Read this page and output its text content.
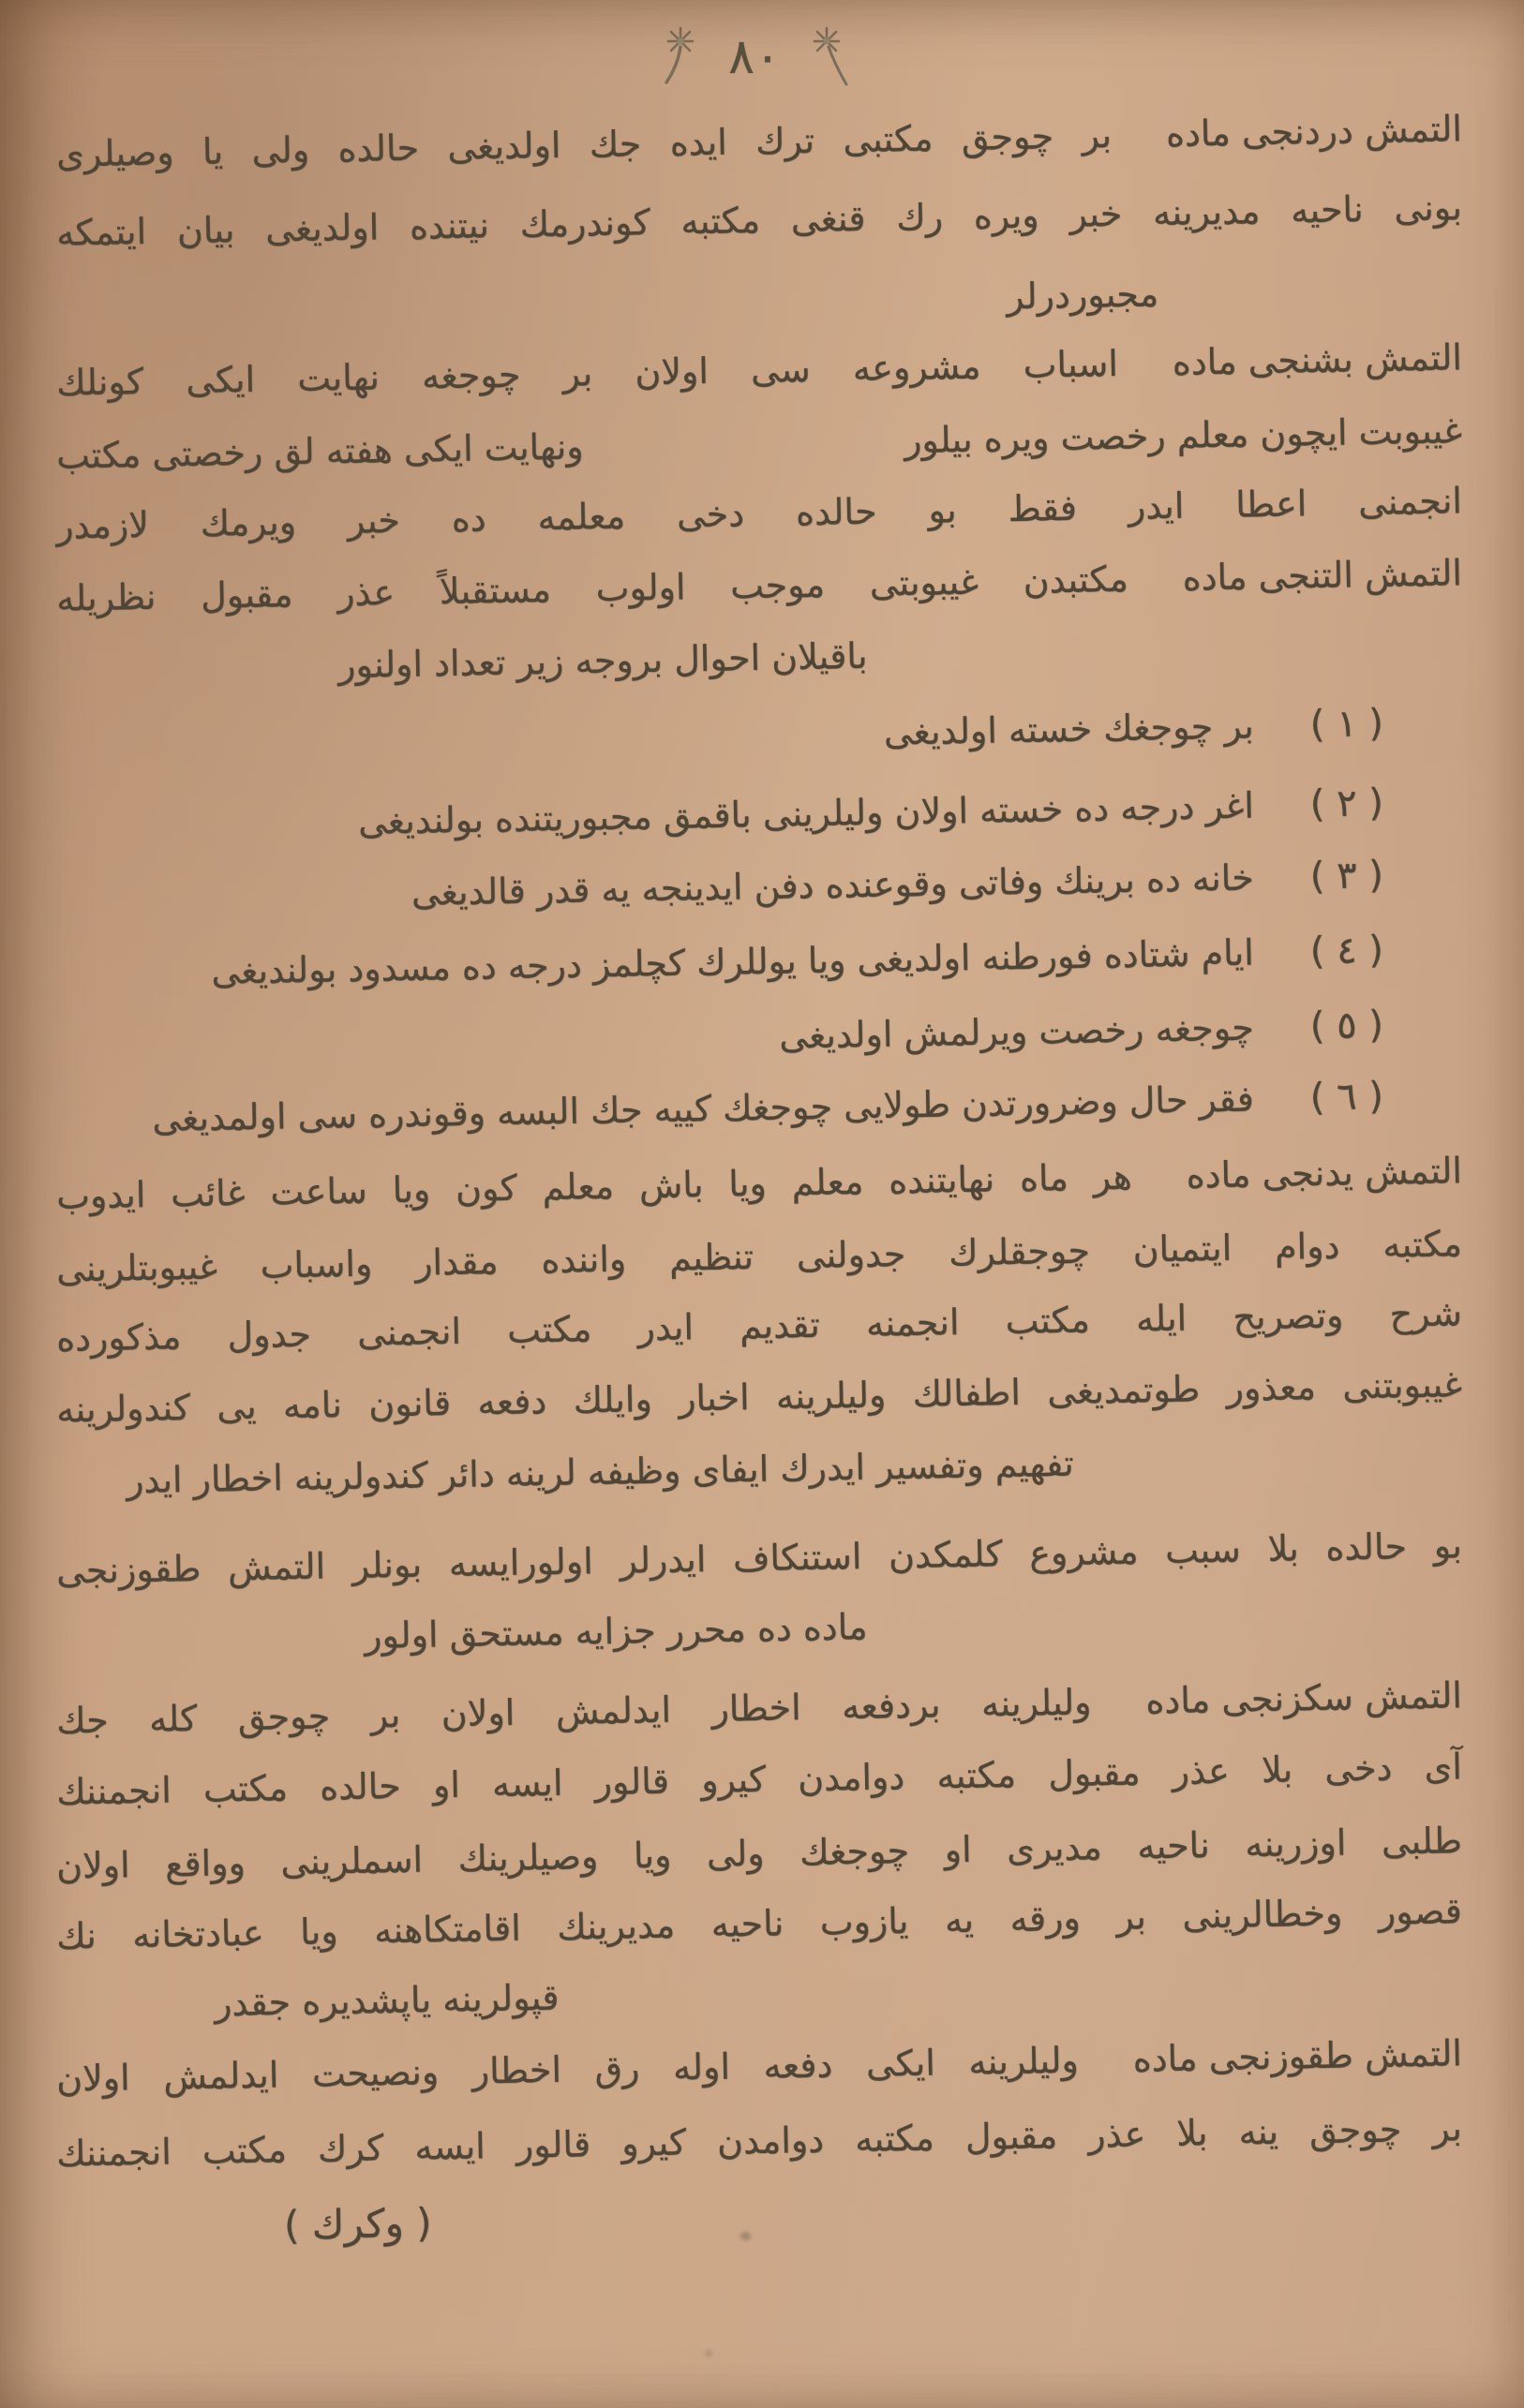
٨٠
التمش دردنجى ماده
بر چوجق مكتبى ترك ايده جك اولديغى حالده ولى يا وصيلرى
بونى ناحيه مديرينه خبر ويره رك قنغى مكتبه كوندرمك نيتنده اولديغى بيان ايتمكه
مجبوردرلر
التمش بشنجى ماده
اسباب مشروعه سى اولان بر چوجغه نهايت ايكى كونلك
غيبوبت ايچون معلم رخصت ويره بيلور
ونهايت ايكى هفته لق رخصتى مكتب
انجمنى اعطا ايدر فقط بو حالده دخى معلمه ده خبر ويرمك لازمدر
التمش التنجى ماده
مكتبدن غيبوبتى موجب اولوب مستقبلاً عذر مقبول نظريله
باقيلان احوال بروجه زير تعداد اولنور
( ١ )
بر چوجغك خسته اولديغى
( ٢ )
اغر درجه ده خسته اولان وليلرينى باقمق مجبوريتنده بولنديغى
( ٣ )
خانه ده برينك وفاتى وقوعنده دفن ايدينجه يه قدر قالديغى
( ٤ )
ايام شتاده فورطنه اولديغى ويا يوللرك كچلمز درجه ده مسدود بولنديغى
( ٥ )
چوجغه رخصت ويرلمش اولديغى
( ٦ )
فقر حال وضرورتدن طولايى چوجغك كييه جك البسه وقوندره سى اولمديغى
التمش يدنجى ماده
هر ماه نهايتنده معلم ويا باش معلم كون ويا ساعت غائب ايدوب
مكتبه دوام ايتميان چوجقلرك جدولنى تنظيم واننده مقدار واسباب غيبوبتلرينى
شرح وتصريح ايله مكتب انجمنه تقديم ايدر مكتب انجمنى جدول مذكورده
غيبوبتنى معذور طوتمديغى اطفالك وليلرينه اخبار وايلك دفعه قانون نامه يى كندولرينه
تفهيم وتفسير ايدرك ايفاى وظيفه لرينه دائر كندولرينه اخطار ايدر
بو حالده بلا سبب مشروع كلمكدن استنكاف ايدرلر اولورايسه بونلر التمش طقوزنجى
ماده ده محرر جزايه مستحق اولور
التمش سكزنجى ماده
وليلرينه بردفعه اخطار ايدلمش اولان بر چوجق كله جك
آى دخى بلا عذر مقبول مكتبه دوامدن كيرو قالور ايسه او حالده مكتب انجمننك
طلبى اوزرينه ناحيه مديرى او چوجغك ولى ويا وصيلرينك اسملرينى وواقع اولان
قصور وخطالرينى بر ورقه يه يازوب ناحيه مديرينك اقامتكاهنه ويا عبادتخانه نك
قپولرينه ياپشديره جقدر
التمش طقوزنجى ماده
وليلرينه ايكى دفعه اوله رق اخطار ونصيحت ايدلمش اولان
بر چوجق ينه بلا عذر مقبول مكتبه دوامدن كيرو قالور ايسه كرك مكتب انجمننك
( وكرك )
